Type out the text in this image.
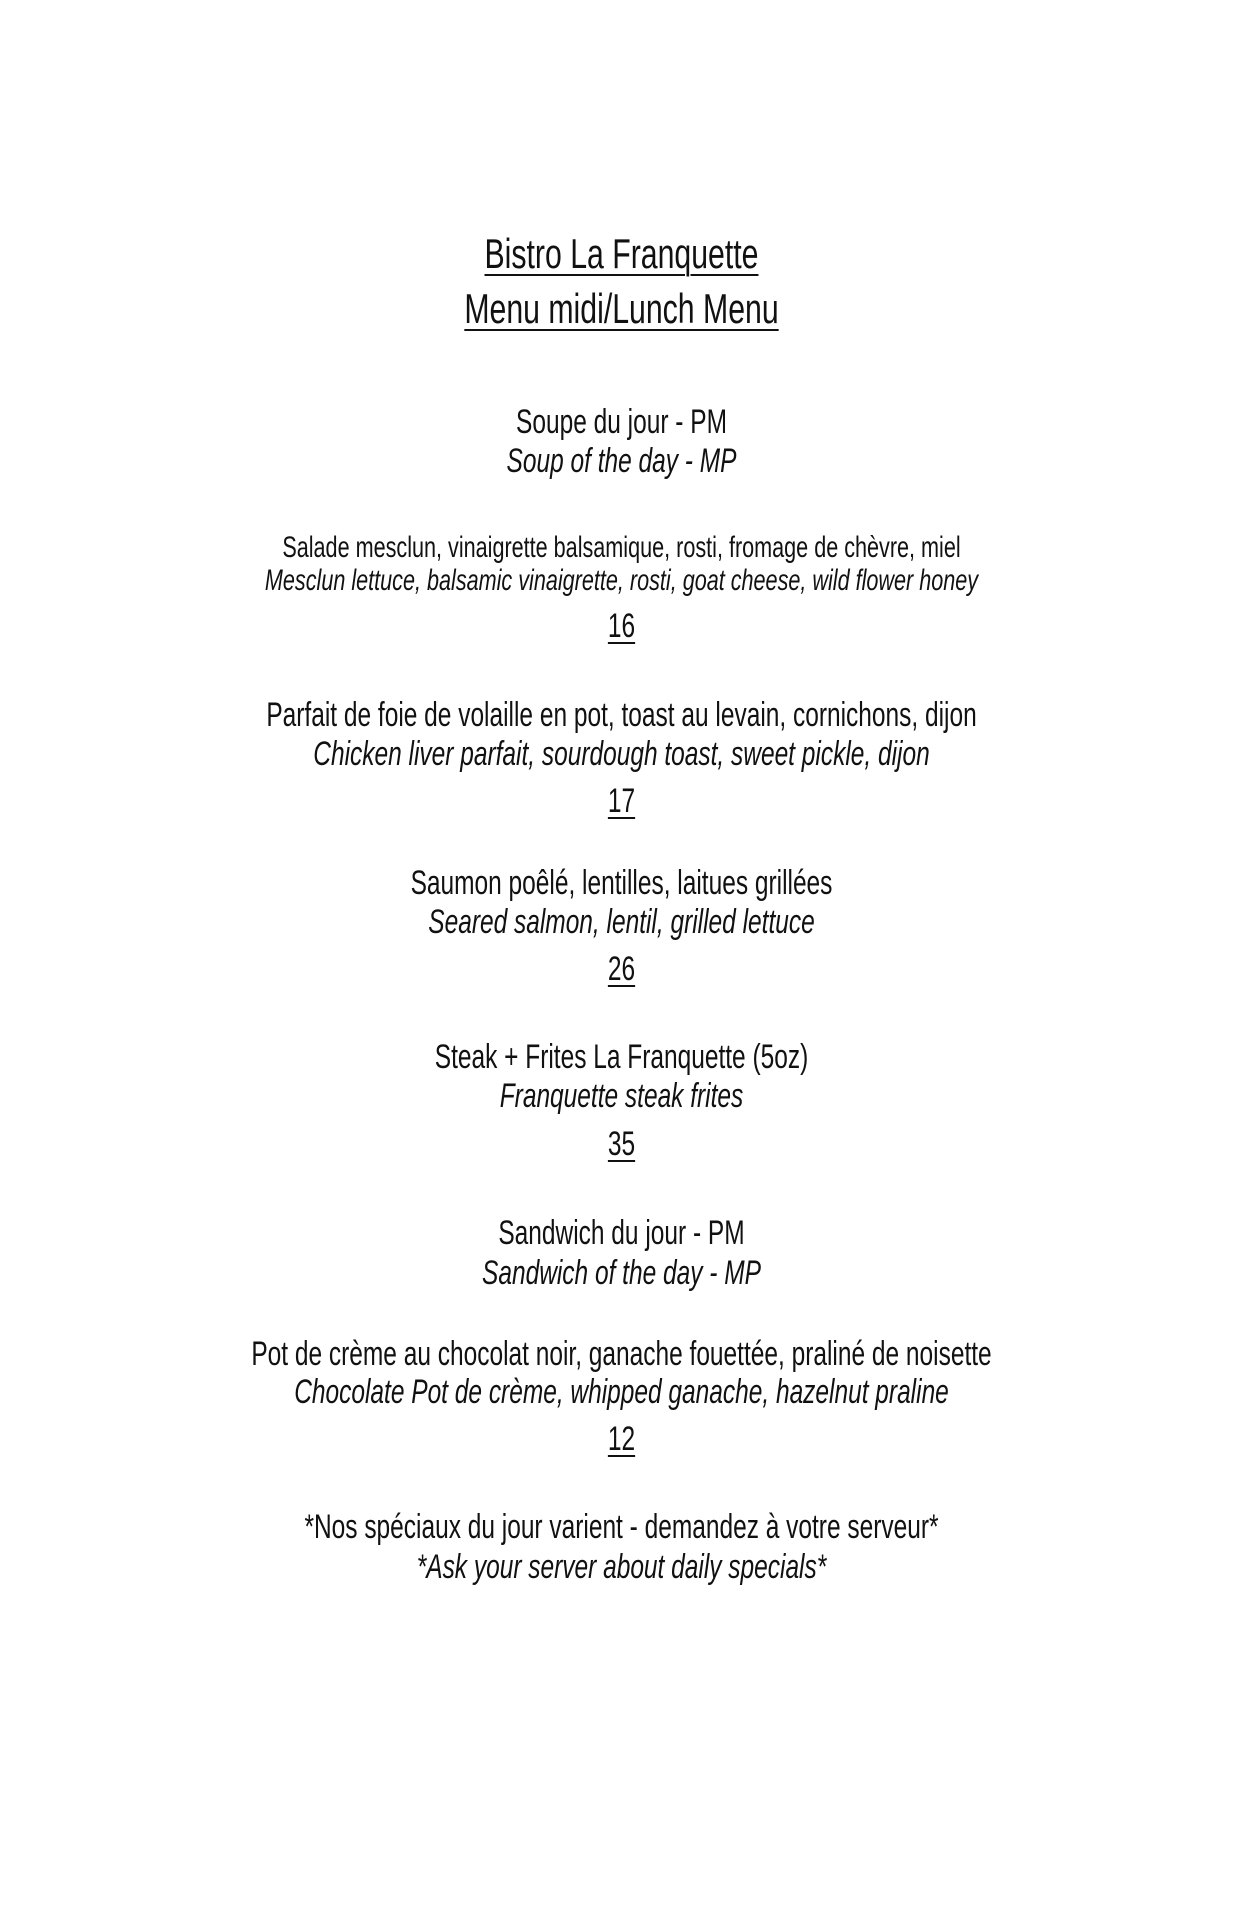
Bistro La Franquette
Menu midi/Lunch Menu
Soupe du jour - PM
Soup of the day - MP
Salade mesclun, vinaigrette balsamique, rosti, fromage de chèvre, miel
Mesclun lettuce, balsamic vinaigrette, rosti, goat cheese, wild flower honey
16
Parfait de foie de volaille en pot, toast au levain, cornichons, dijon
Chicken liver parfait, sourdough toast, sweet pickle, dijon
17
Saumon poêlé, lentilles, laitues grillées
Seared salmon, lentil, grilled lettuce
26
Steak + Frites La Franquette (5oz)
Franquette steak frites
35
Sandwich du jour - PM
Sandwich of the day - MP
Pot de crème au chocolat noir, ganache fouettée, praliné de noisette
Chocolate Pot de crème, whipped ganache, hazelnut praline
12
*Nos spéciaux du jour varient - demandez à votre serveur*
*Ask your server about daily specials*
